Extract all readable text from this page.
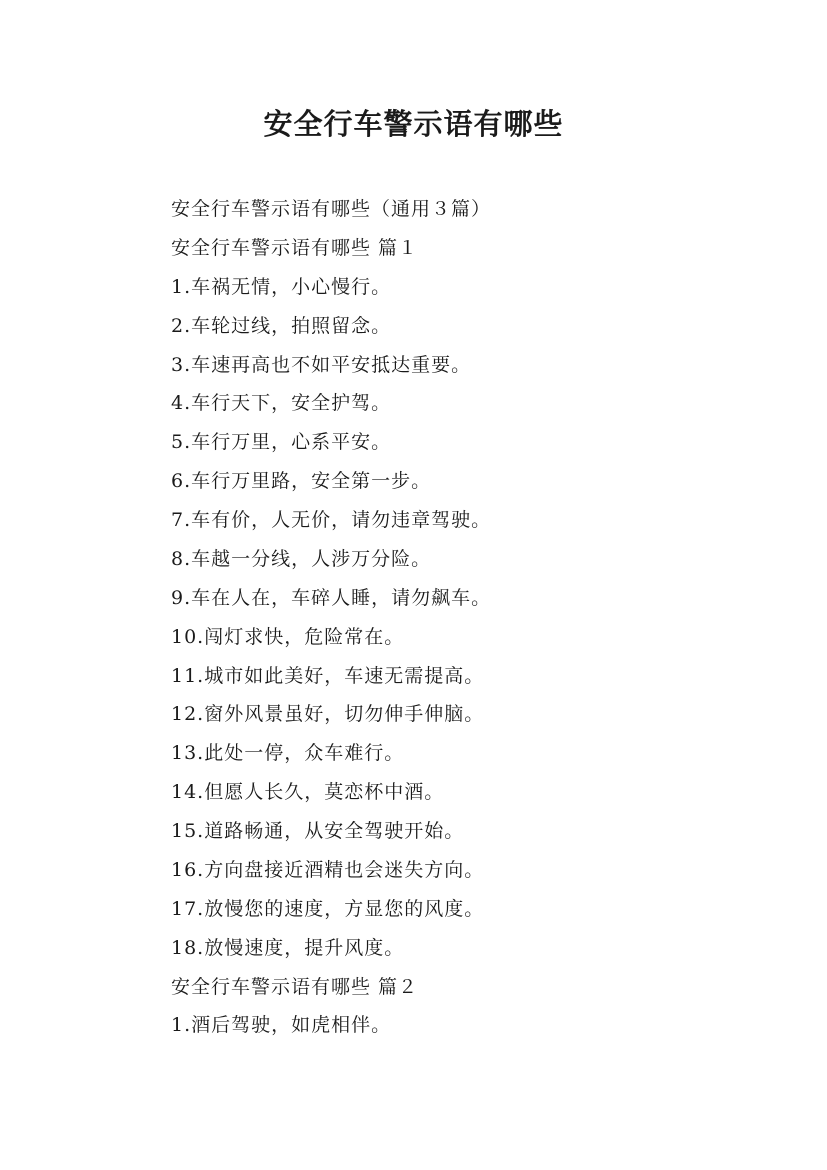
安全行车警示语有哪些
安全行车警示语有哪些（通用３篇）
安全行车警示语有哪些 篇１
1.车祸无情，小心慢行。
2.车轮过线，拍照留念。
3.车速再高也不如平安抵达重要。
4.车行天下，安全护驾。
5.车行万里，心系平安。
6.车行万里路，安全第一步。
7.车有价，人无价，请勿违章驾驶。
8.车越一分线，人涉万分险。
9.车在人在，车碎人睡，请勿飙车。
10.闯灯求快，危险常在。
11.城市如此美好，车速无需提高。
12.窗外风景虽好，切勿伸手伸脑。
13.此处一停，众车难行。
14.但愿人长久，莫恋杯中酒。
15.道路畅通，从安全驾驶开始。
16.方向盘接近酒精也会迷失方向。
17.放慢您的速度，方显您的风度。
18.放慢速度，提升风度。
安全行车警示语有哪些 篇２
1.酒后驾驶，如虎相伴。
